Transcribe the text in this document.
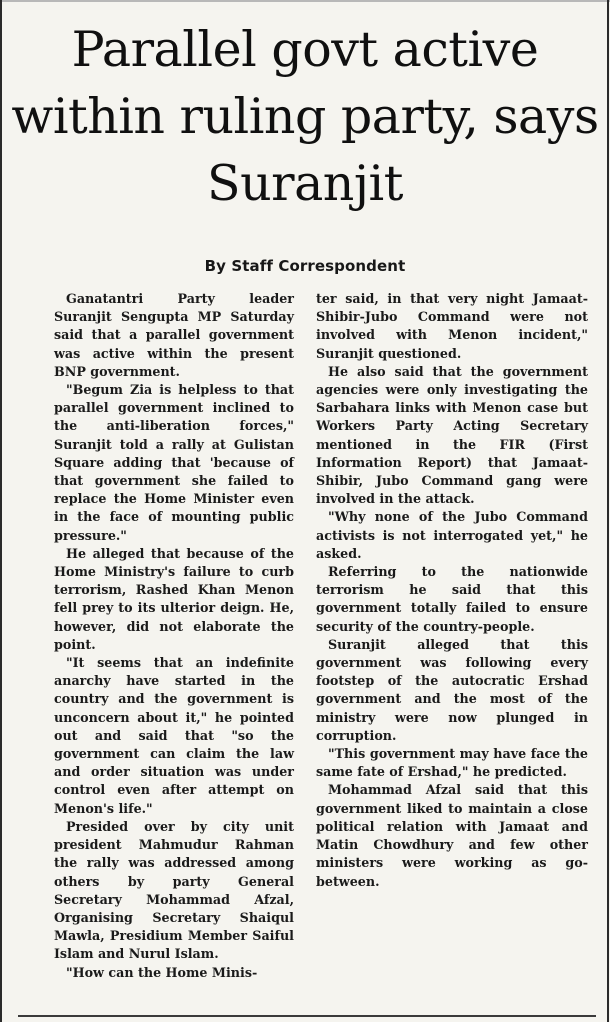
Parallel govt active within ruling party, says Suranjit
By Staff Correspondent

Ganatantri Party leader Suranjit Sengupta MP Saturday said that a parallel government was active within the present BNP government.

"Begum Zia is helpless to that parallel government inclined to the anti-liberation forces," Suranjit told a rally at Gulistan Square adding that 'because of that government she failed to replace the Home Minister even in the face of mounting public pressure."

He alleged that because of the Home Ministry's failure to curb terrorism, Rashed Khan Menon fell prey to its ulterior deign. He, however, did not elaborate the point.

"It seems that an indefinite anarchy have started in the country and the government is unconcern about it," he pointed out and said that "so the government can claim the law and order situation was under control even after attempt on Menon's life."

Presided over by city unit president Mahmudur Rahman the rally was addressed among others by party General Secretary Mohammad Afzal, Organising Secretary Shaiqul Mawla, Presidium Member Saiful Islam and Nurul Islam.

"How can the Home Minis-

ter said, in that very night Jamaat-Shibir-Jubo Command were not involved with Menon incident," Suranjit questioned.

He also said that the government agencies were only investigating the Sarbahara links with Menon case but Workers Party Acting Secretary mentioned in the FIR (First Information Report) that Jamaat-Shibir, Jubo Command gang were involved in the attack.

"Why none of the Jubo Command activists is not interrogated yet," he asked.

Referring to the nationwide terrorism he said that this government totally failed to ensure security of the country-people.

Suranjit alleged that this government was following every footstep of the autocratic Ershad government and the most of the ministry were now plunged in corruption.

"This government may have face the same fate of Ershad," he predicted.

Mohammad Afzal said that this government liked to maintain a close political relation with Jamaat and Matin Chowdhury and few other ministers were working as go-between.
